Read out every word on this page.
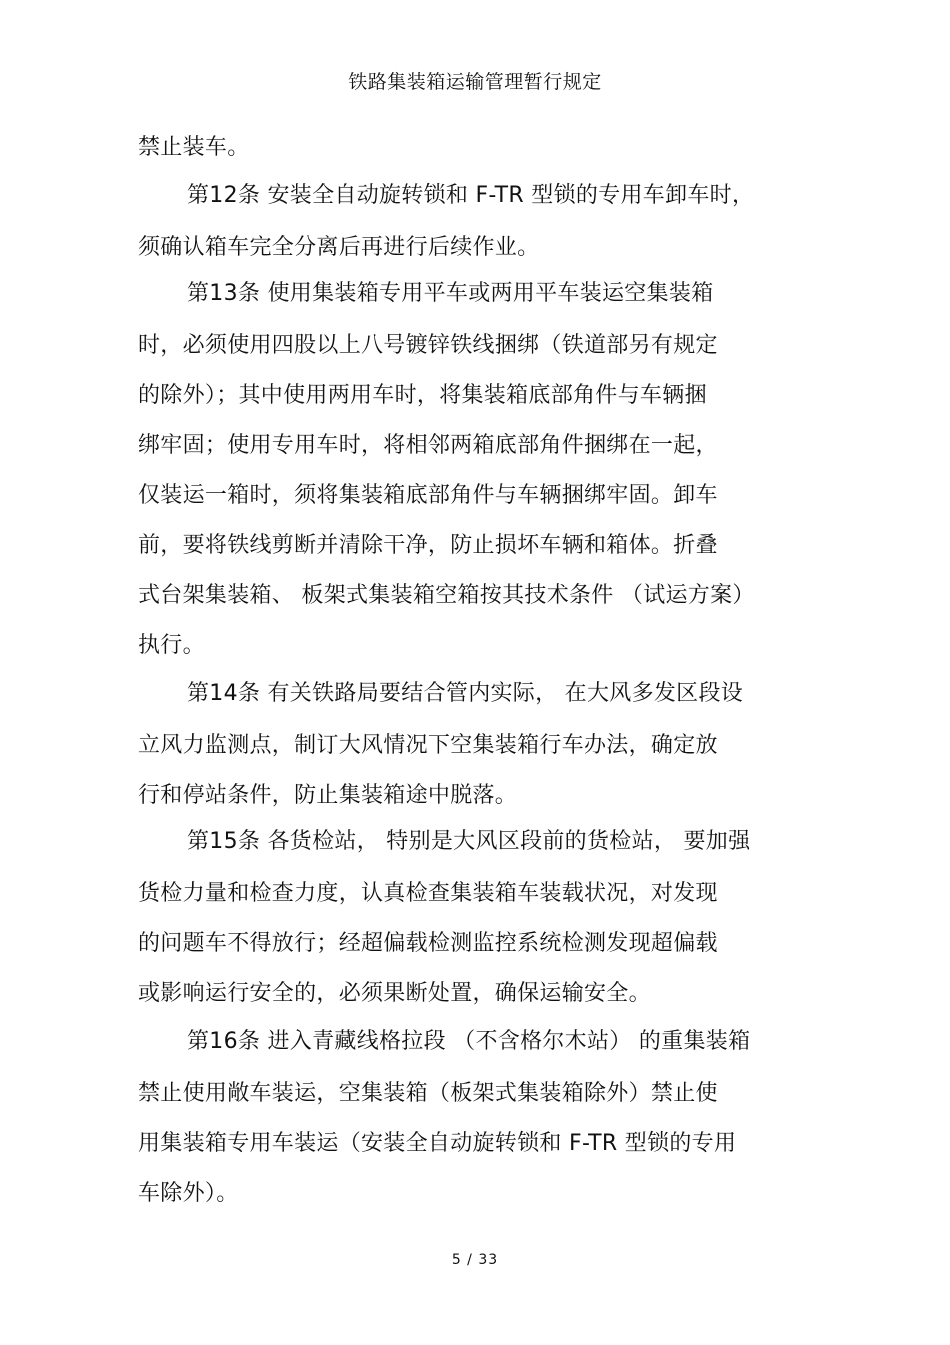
铁路集装箱运输管理暂行规定
禁止装车。
第12条 安装全自动旋转锁和 F-TR 型锁的专用车卸车时，
须确认箱车完全分离后再进行后续作业。
第13条 使用集装箱专用平车或两用平车装运空集装箱
时，必须使用四股以上八号镀锌铁线捆绑（铁道部另有规定
的除外）；其中使用两用车时，将集装箱底部角件与车辆捆
绑牢固；使用专用车时，将相邻两箱底部角件捆绑在一起，
仅装运一箱时，须将集装箱底部角件与车辆捆绑牢固。卸车
前，要将铁线剪断并清除干净，防止损坏车辆和箱体。折叠
式台架集装箱、 板架式集装箱空箱按其技术条件 （试运方案）
执行。
第14条 有关铁路局要结合管内实际， 在大风多发区段设
立风力监测点，制订大风情况下空集装箱行车办法，确定放
行和停站条件，防止集装箱途中脱落。
第15条 各货检站， 特别是大风区段前的货检站， 要加强
货检力量和检查力度，认真检查集装箱车装载状况，对发现
的问题车不得放行；经超偏载检测监控系统检测发现超偏载
或影响运行安全的，必须果断处置，确保运输安全。
第16条 进入青藏线格拉段 （不含格尔木站） 的重集装箱
禁止使用敞车装运，空集装箱（板架式集装箱除外）禁止使
用集装箱专用车装运（安装全自动旋转锁和 F-TR 型锁的专用
车除外）。
5 / 33
